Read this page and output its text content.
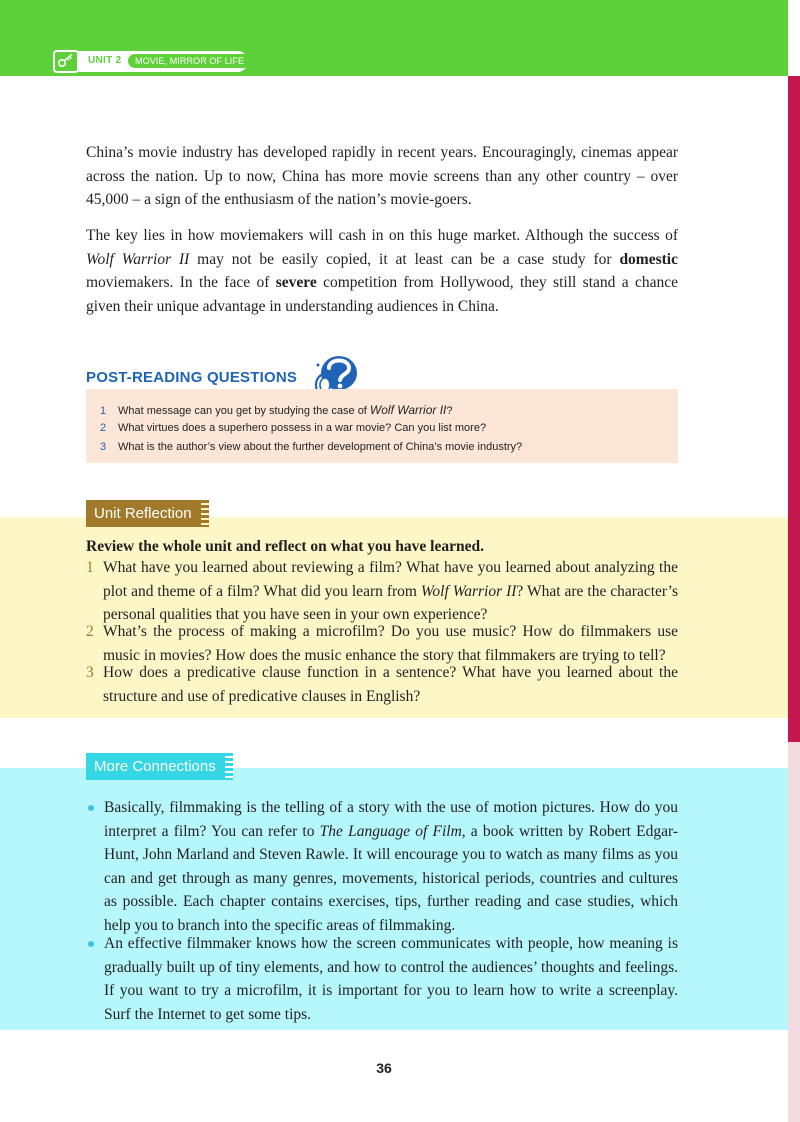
UNIT 2	MOVIE, MIRROR OF LIFE

China’s movie industry has developed rapidly in recent years. Encouragingly, cinemas appear across the nation. Up to now, China has more movie screens than any other country – over 45,000 – a sign of the enthusiasm of the nation’s movie-goers.

The key lies in how moviemakers will cash in on this huge market. Although the success of Wolf Warrior II may not be easily copied, it at least can be a case study for domestic moviemakers. In the face of severe competition from Hollywood, they still stand a chance given their unique advantage in understanding audiences in China.

POST-READING QUESTIONS
1 What message can you get by studying the case of Wolf Warrior II?
2 What virtues does a superhero possess in a war movie? Can you list more?
3 What is the author’s view about the further development of China’s movie industry?
Unit Reflection
Review the whole unit and reflect on what you have learned.
1 What have you learned about reviewing a film? What have you learned about analyzing the plot and theme of a film? What did you learn from Wolf Warrior II? What are the character’s personal qualities that you have seen in your own experience?

2 What’s the process of making a microfilm? Do you use music? How do filmmakers use music in movies? How does the music enhance the story that filmmakers are trying to tell?

3 How does a predicative clause function in a sentence? What have you learned about the structure and use of predicative clauses in English?

More Connections

Basically, filmmaking is the telling of a story with the use of motion pictures. How do you interpret a film? You can refer to The Language of Film, a book written by Robert Edgar-Hunt, John Marland and Steven Rawle. It will encourage you to watch as many films as you can and get through as many genres, movements, historical periods, countries and cultures as possible. Each chapter contains exercises, tips, further reading and case studies, which help you to branch into the specific areas of filmmaking.

An effective filmmaker knows how the screen communicates with people, how meaning is gradually built up of tiny elements, and how to control the audiences’ thoughts and feelings. If you want to try a microfilm, it is important for you to learn how to write a screenplay. Surf the Internet to get some tips.

36
